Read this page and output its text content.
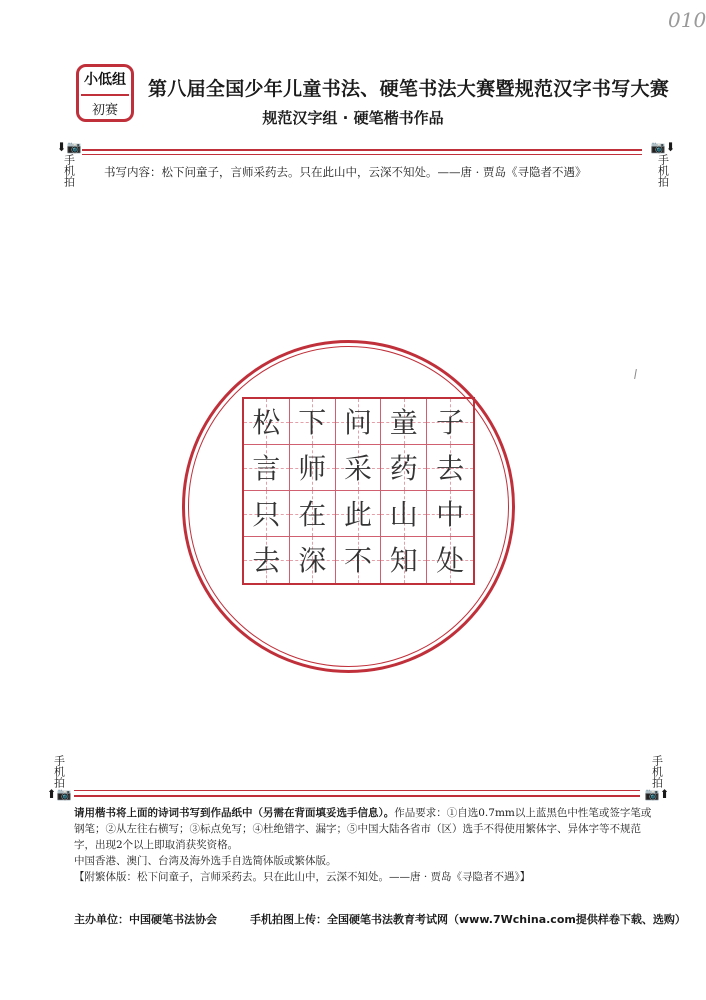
010
小低组
初赛
第八届全国少年儿童书法、硬笔书法大赛暨规范汉字书写大赛
规范汉字组 · 硬笔楷书作品
⬇📷
手机拍
📷⬇
手机拍
书写内容：松下问童子，言师采药去。只在此山中，云深不知处。——唐 · 贾岛《寻隐者不遇》
松 下 问 童 子
言 师 采 药 去
只 在 此 山 中
去 深 不 知 处
手机拍
⬆📷
手机拍
📷⬆
请用楷书将上面的诗词书写到作品纸中（另需在背面填妥选手信息）。作品要求：①自选0.7mm以上蓝黑色中性笔或签字笔或钢笔；②从左往右横写；③标点免写；④杜绝错字、漏字；⑤中国大陆各省市（区）选手不得使用繁体字、异体字等不规范字，出现2个以上即取消获奖资格。
中国香港、澳门、台湾及海外选手自选简体版或繁体版。
【附繁体版：松下问童子，言师采药去。只在此山中，云深不知处。——唐 · 贾岛《寻隐者不遇》】
主办单位：中国硬笔书法协会	手机拍图上传：全国硬笔书法教育考试网（www.7Wchina.com提供样卷下载、选购）
